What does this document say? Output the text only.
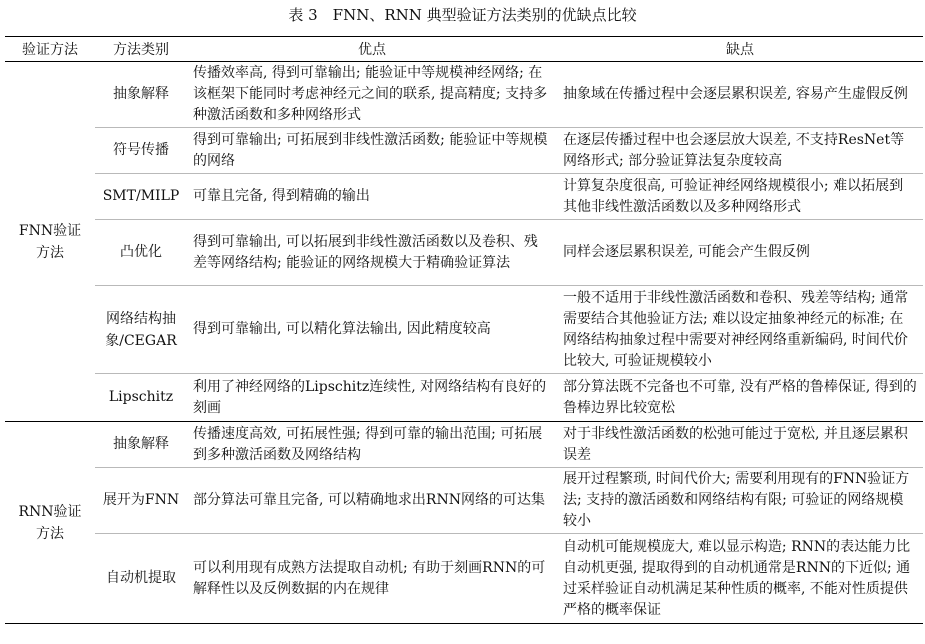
表 3　FNN、RNN 典型验证方法类别的优缺点比较
验证方法	方法类别	优点	缺点
FNN验证方法	抽象解释	传播效率高, 得到可靠输出; 能验证中等规模神经网络; 在该框架下能同时考虑神经元之间的联系, 提高精度; 支持多种激活函数和多种网络形式	抽象域在传播过程中会逐层累积误差, 容易产生虚假反例
	符号传播	得到可靠输出; 可拓展到非线性激活函数; 能验证中等规模的网络	在逐层传播过程中也会逐层放大误差, 不支持ResNet等网络形式; 部分验证算法复杂度较高
	SMT/MILP	可靠且完备, 得到精确的输出	计算复杂度很高, 可验证神经网络规模很小; 难以拓展到其他非线性激活函数以及多种网络形式
	凸优化	得到可靠输出, 可以拓展到非线性激活函数以及卷积、残差等网络结构; 能验证的网络规模大于精确验证算法	同样会逐层累积误差, 可能会产生假反例
	网络结构抽象/CEGAR	得到可靠输出, 可以精化算法输出, 因此精度较高	一般不适用于非线性激活函数和卷积、残差等结构; 通常需要结合其他验证方法; 难以设定抽象神经元的标准; 在网络结构抽象过程中需要对神经网络重新编码, 时间代价比较大, 可验证规模较小
	Lipschitz	利用了神经网络的Lipschitz连续性, 对网络结构有良好的刻画	部分算法既不完备也不可靠, 没有严格的鲁棒保证, 得到的鲁棒边界比较宽松
RNN验证方法	抽象解释	传播速度高效, 可拓展性强; 得到可靠的输出范围; 可拓展到多种激活函数及网络结构	对于非线性激活函数的松弛可能过于宽松, 并且逐层累积误差
	展开为FNN	部分算法可靠且完备, 可以精确地求出RNN网络的可达集	展开过程繁琐, 时间代价大; 需要利用现有的FNN验证方法; 支持的激活函数和网络结构有限; 可验证的网络规模较小
	自动机提取	可以利用现有成熟方法提取自动机; 有助于刻画RNN的可解释性以及反例数据的内在规律	自动机可能规模庞大, 难以显示构造; RNN的表达能力比自动机更强, 提取得到的自动机通常是RNN的下近似; 通过采样验证自动机满足某种性质的概率, 不能对性质提供严格的概率保证
